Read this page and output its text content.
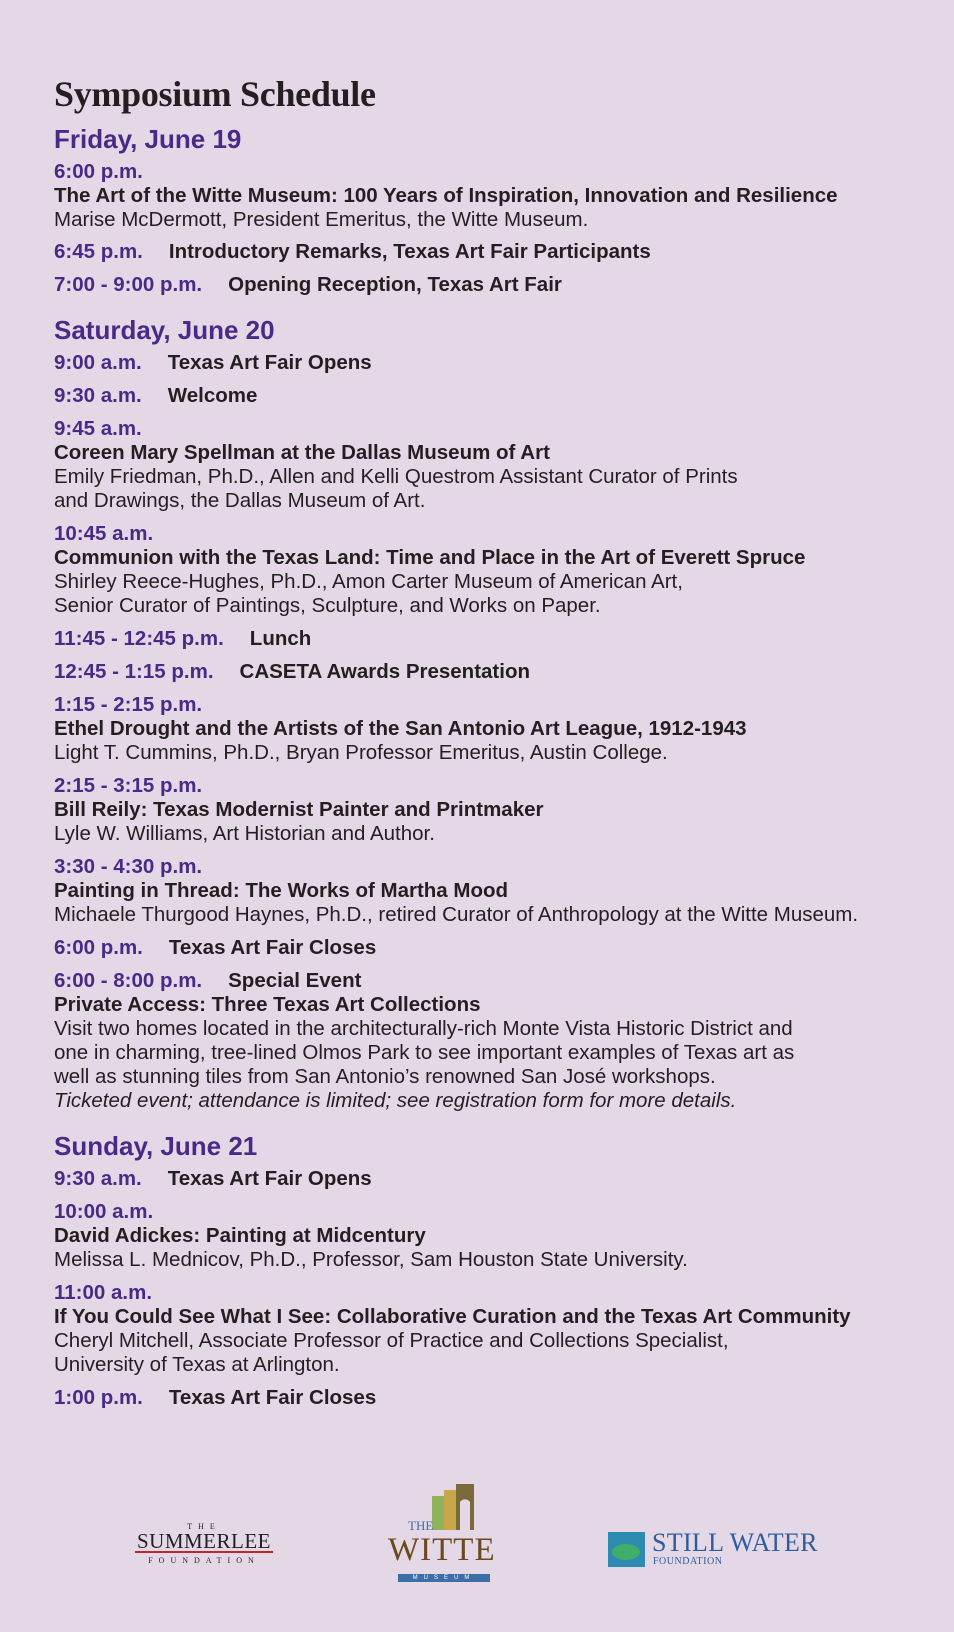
Symposium Schedule
Friday, June 19
6:00 p.m.
The Art of the Witte Museum: 100 Years of Inspiration, Innovation and Resilience
Marise McDermott, President Emeritus, the Witte Museum.
6:45 p.m. Introductory Remarks, Texas Art Fair Participants
7:00 - 9:00 p.m. Opening Reception, Texas Art Fair
Saturday, June 20
9:00 a.m. Texas Art Fair Opens
9:30 a.m. Welcome
9:45 a.m.
Coreen Mary Spellman at the Dallas Museum of Art
Emily Friedman, Ph.D., Allen and Kelli Questrom Assistant Curator of Prints
and Drawings, the Dallas Museum of Art.
10:45 a.m.
Communion with the Texas Land: Time and Place in the Art of Everett Spruce
Shirley Reece-Hughes, Ph.D., Amon Carter Museum of American Art,
Senior Curator of Paintings, Sculpture, and Works on Paper.
11:45 - 12:45 p.m. Lunch
12:45 - 1:15 p.m. CASETA Awards Presentation
1:15 - 2:15 p.m.
Ethel Drought and the Artists of the San Antonio Art League, 1912-1943
Light T. Cummins, Ph.D., Bryan Professor Emeritus, Austin College.
2:15 - 3:15 p.m.
Bill Reily: Texas Modernist Painter and Printmaker
Lyle W. Williams, Art Historian and Author.
3:30 - 4:30 p.m.
Painting in Thread: The Works of Martha Mood
Michaele Thurgood Haynes, Ph.D., retired Curator of Anthropology at the Witte Museum.
6:00 p.m. Texas Art Fair Closes
6:00 - 8:00 p.m. Special Event
Private Access: Three Texas Art Collections
Visit two homes located in the architecturally-rich Monte Vista Historic District and
one in charming, tree-lined Olmos Park to see important examples of Texas art as
well as stunning tiles from San Antonio’s renowned San José workshops.
Ticketed event; attendance is limited; see registration form for more details.
Sunday, June 21
9:30 a.m. Texas Art Fair Opens
10:00 a.m.
David Adickes: Painting at Midcentury
Melissa L. Mednicov, Ph.D., Professor, Sam Houston State University.
11:00 a.m.
If You Could See What I See: Collaborative Curation and the Texas Art Community
Cheryl Mitchell, Associate Professor of Practice and Collections Specialist,
University of Texas at Arlington.
1:00 p.m. Texas Art Fair Closes
THE
SUMMERLEE
FOUNDATION
THE
WITTE
MUSEUM
STILL WATER
FOUNDATION
